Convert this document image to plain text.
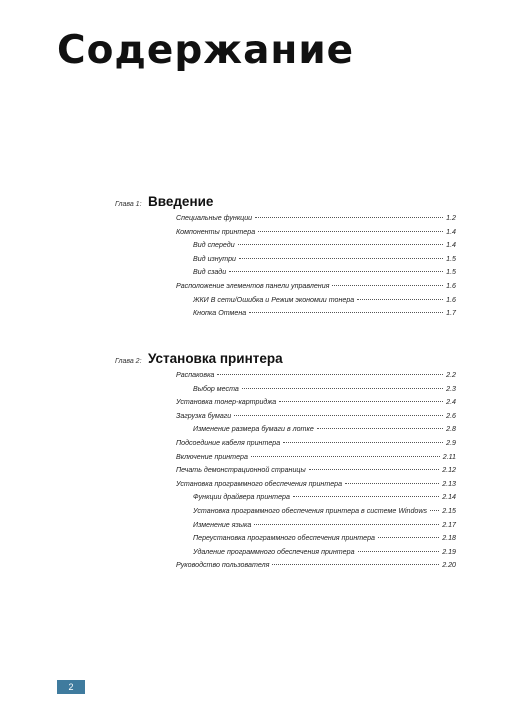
Содержание
Глава 1: Введение
Специальные функции	1.2
Компоненты принтера	1.4
Вид спереди	1.4
Вид изнутри	1.5
Вид сзади	1.5
Расположение элементов панели управления	1.6
ЖКИ В сети/Ошибка и Режим экономии тонера	1.6
Кнопка Отмена	1.7
Глава 2: Установка принтера
Распаковка	2.2
Выбор места	2.3
Установка тонер-картриджа	2.4
Загрузка бумаги	2.6
Изменение размера бумаги в лотке	2.8
Подсоединие кабеля принтера	2.9
Включение принтера	2.11
Печать демонстрационной страницы	2.12
Установка программного обеспечения принтера	2.13
Функции драйвера принтера	2.14
Установка программного обеспечения принтера в системе Windows 2.15
Изменение языка	2.17
Переустановка программного обеспечения принтера	2.18
Удаление программного обеспечения принтера	2.19
Руководство пользователя	2.20
2
